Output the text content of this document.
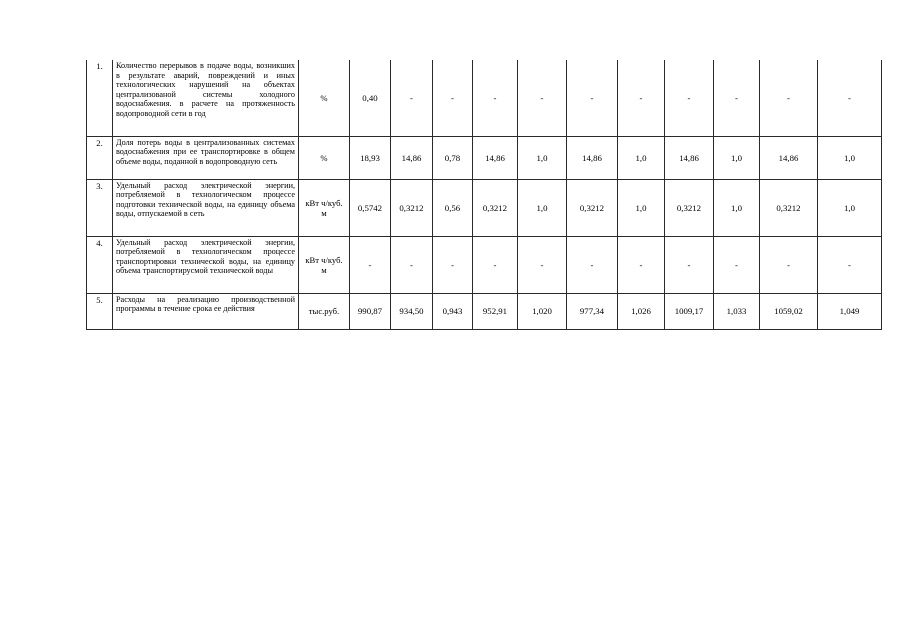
1.	Количество перерывов в подаче воды, возникших в результате аварий, повреждений и иных технологических нарушений на объектах централизованой системы холодного водоснабжения. в расчете на протяженность водопроводной сети в год	%	0,40	-	-	-	-	-	-	-	-	-	-
2.	Доля потерь воды в централизованных системах водоснабжения при ее транспортировке в общем объеме воды, поданной в водопроводную сеть	%	18,93	14,86	0,78	14,86	1,0	14,86	1,0	14,86	1,0	14,86	1,0
3.	Удельный расход электрической энергии, потребляемой в технологическом процессе подготовки технической воды, на единицу объема воды, отпускаемой в сеть	кВт ч/куб. м	0,5742	0,3212	0,56	0,3212	1,0	0,3212	1,0	0,3212	1,0	0,3212	1,0
4.	Удельный расход электрической энергии, потребляемой в технологическом процессе транспортировки технической воды, на единицу объема транспортирусмой технической воды	кВт ч/куб. м	-	-	-	-	-	-	-	-	-	-	-
5.	Расходы на реализацию производственной программы в течение срока ее действия	тыс.руб.	990,87	934,50	0,943	952,91	1,020	977,34	1,026	1009,17	1,033	1059,02	1,049
